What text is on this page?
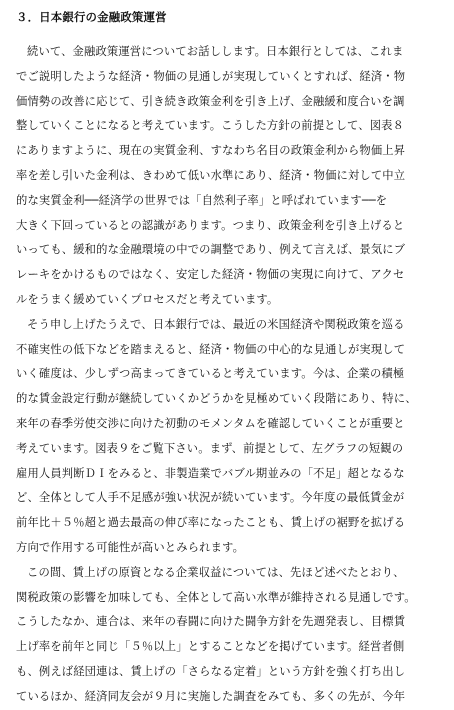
３．日本銀行の金融政策運営
続いて、金融政策運営についてお話しします。日本銀行としては、これま
でご説明したような経済・物価の見通しが実現していくとすれば、経済・物
価情勢の改善に応じて、引き続き政策金利を引き上げ、金融緩和度合いを調
整していくことになると考えています。こうした方針の前提として、図表８
にありますように、現在の実質金利、すなわち名目の政策金利から物価上昇
率を差し引いた金利は、きわめて低い水準にあり、経済・物価に対して中立
的な実質金利──経済学の世界では「自然利子率」と呼ばれています──を
大きく下回っているとの認識があります。つまり、政策金利を引き上げると
いっても、緩和的な金融環境の中での調整であり、例えて言えば、景気にブ
レーキをかけるものではなく、安定した経済・物価の実現に向けて、アクセ
ルをうまく緩めていくプロセスだと考えています。
そう申し上げたうえで、日本銀行では、最近の米国経済や関税政策を巡る
不確実性の低下などを踏まえると、経済・物価の中心的な見通しが実現して
いく確度は、少しずつ高まってきていると考えています。今は、企業の積極
的な賃金設定行動が継続していくかどうかを見極めていく段階にあり、特に、
来年の春季労使交渉に向けた初動のモメンタムを確認していくことが重要と
考えています。図表９をご覧下さい。まず、前提として、左グラフの短観の
雇用人員判断ＤＩをみると、非製造業でバブル期並みの「不足」超となるな
ど、全体として人手不足感が強い状況が続いています。今年度の最低賃金が
前年比＋５％超と過去最高の伸び率になったことも、賃上げの裾野を拡げる
方向で作用する可能性が高いとみられます。
この間、賃上げの原資となる企業収益については、先ほど述べたとおり、
関税政策の影響を加味しても、全体として高い水準が維持される見通しです。
こうしたなか、連合は、来年の春闘に向けた闘争方針を先週発表し、目標賃
上げ率を前年と同じ「５％以上」とすることなどを掲げています。経営者側
も、例えば経団連は、賃上げの「さらなる定着」という方針を強く打ち出し
ているほか、経済同友会が９月に実施した調査をみても、多くの先が、今年
